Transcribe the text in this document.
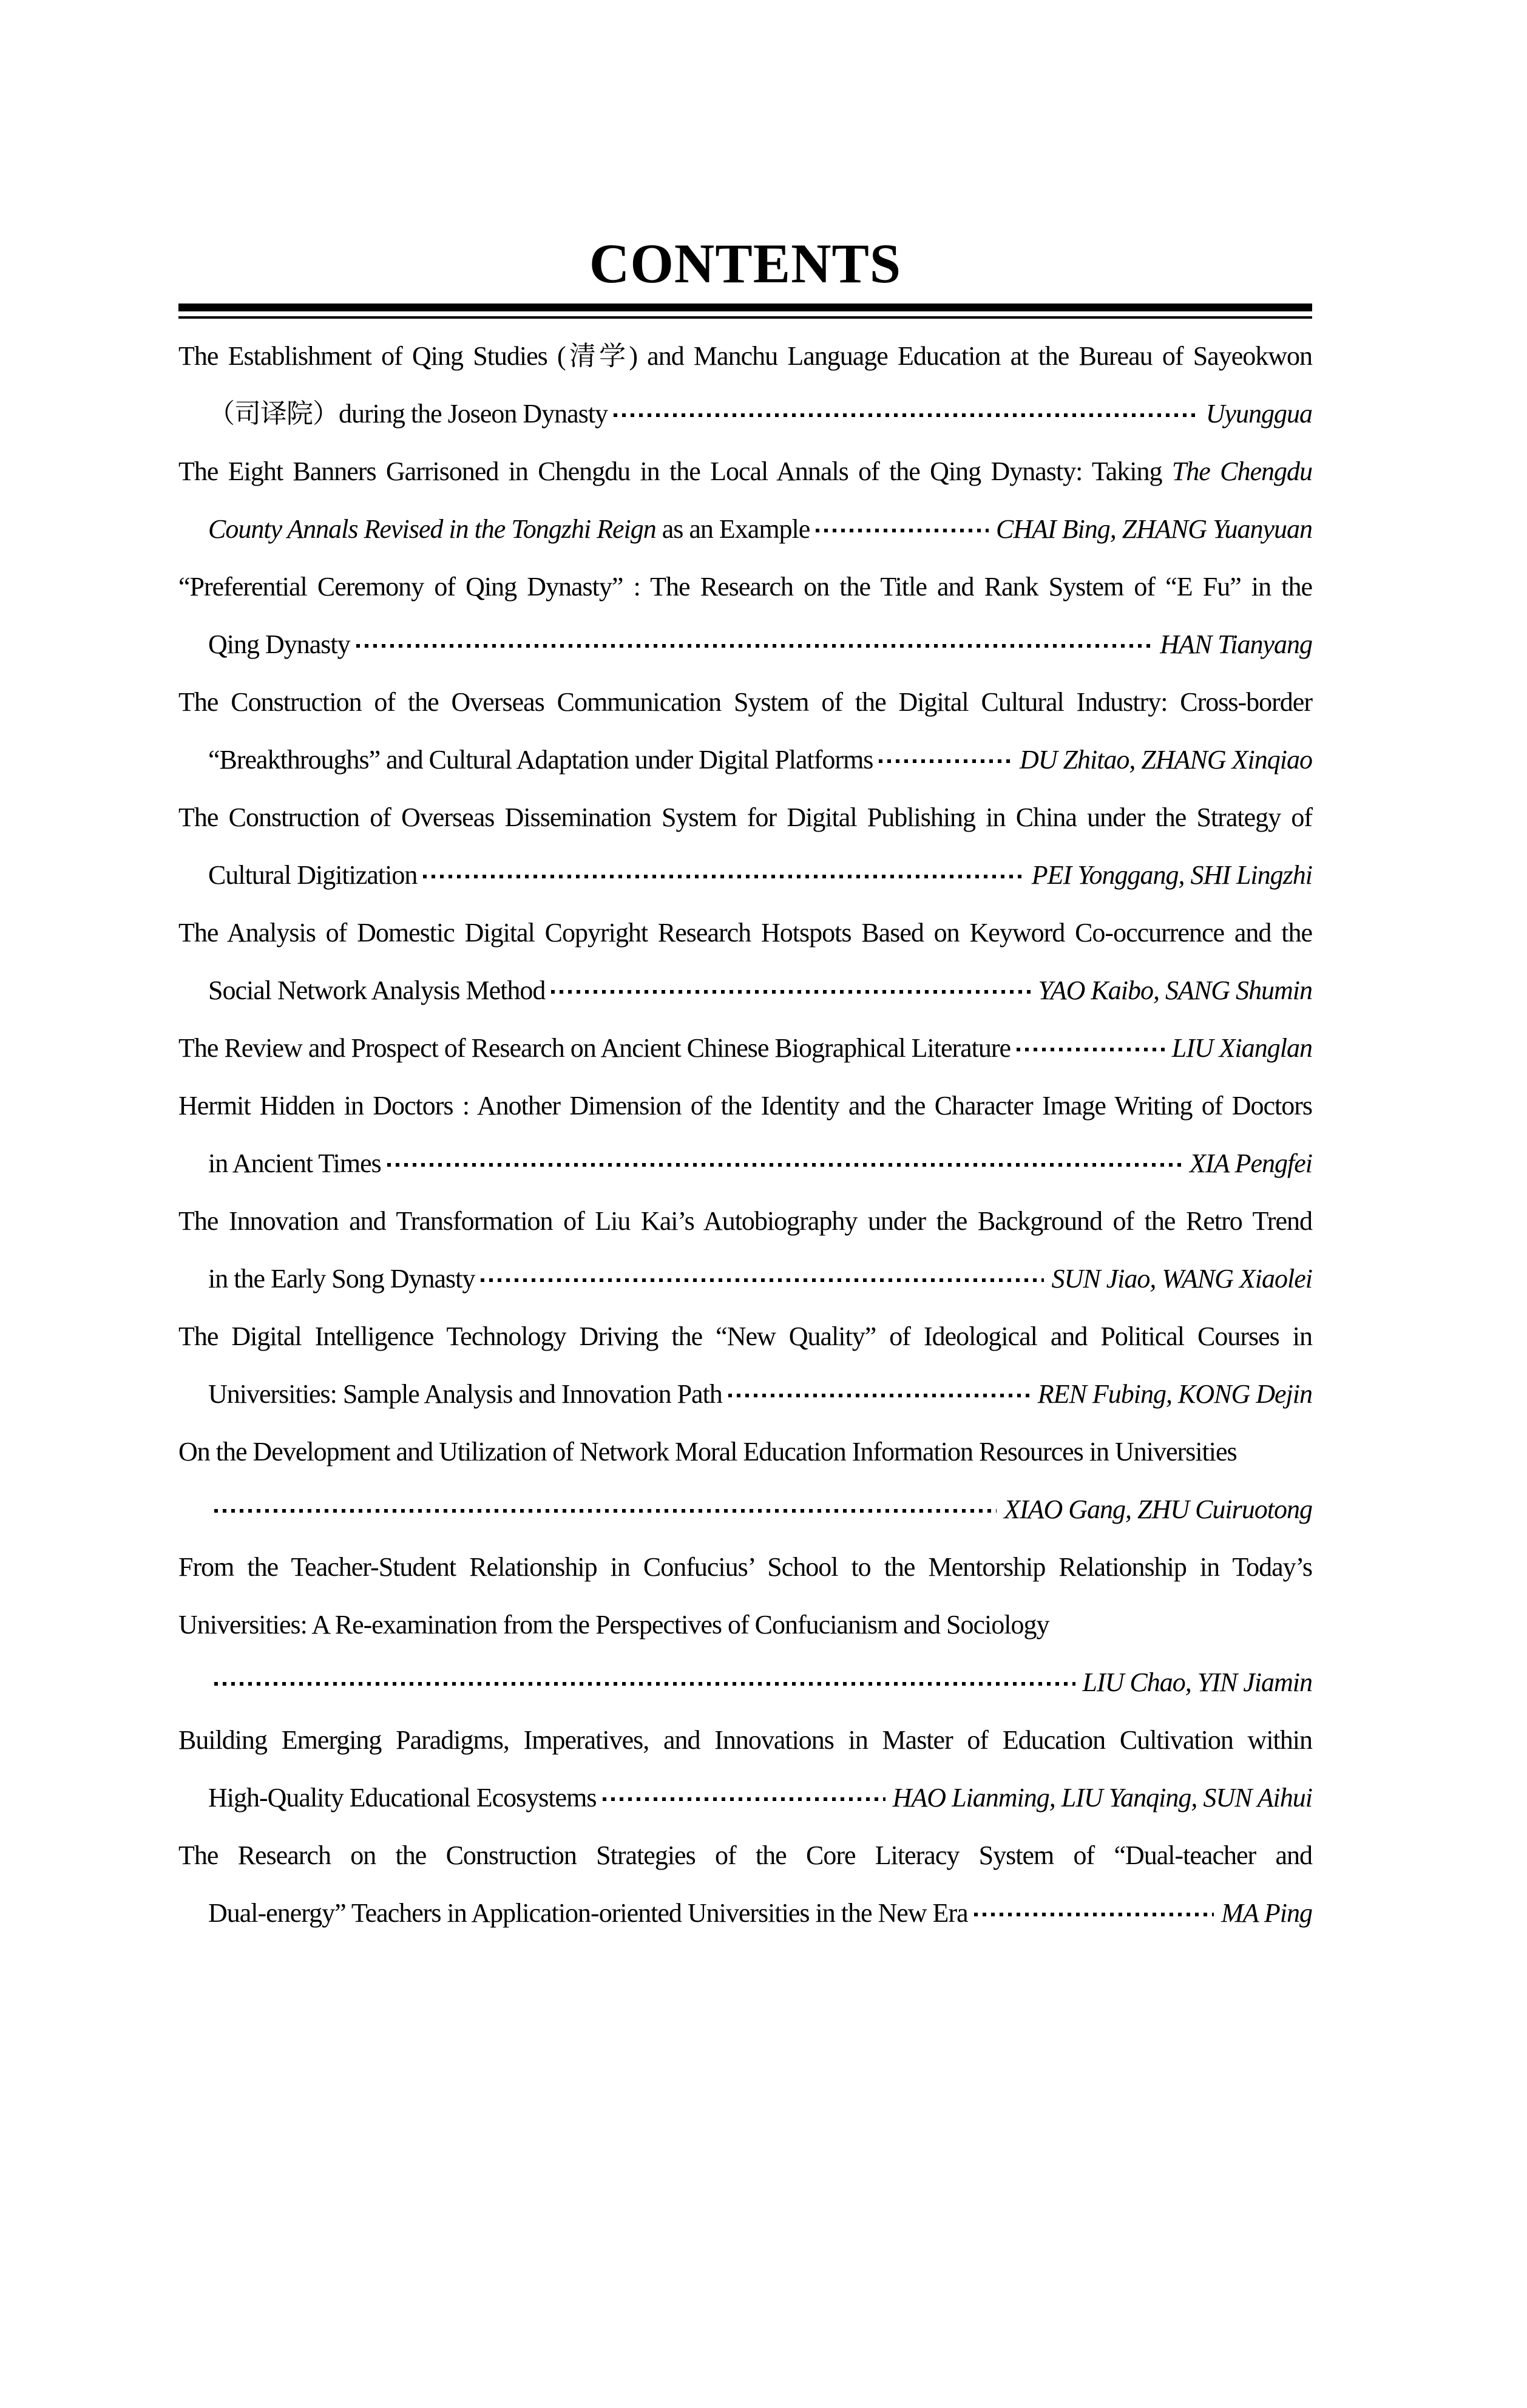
CONTENTS
The Establishment of Qing Studies (清学) and Manchu Language Education at the Bureau of Sayeokwon
（司译院）during the Joseon Dynasty	Uyunggua
The Eight Banners Garrisoned in Chengdu in the Local Annals of the Qing Dynasty: Taking The Chengdu
County Annals Revised in the Tongzhi Reign as an Example	CHAI Bing, ZHANG Yuanyuan
“Preferential Ceremony of Qing Dynasty” : The Research on the Title and Rank System of “E Fu” in the
Qing Dynasty	HAN Tianyang
The Construction of the Overseas Communication System of the Digital Cultural Industry: Cross-border
“Breakthroughs” and Cultural Adaptation under Digital Platforms	DU Zhitao, ZHANG Xinqiao
The Construction of Overseas Dissemination System for Digital Publishing in China under the Strategy of
Cultural Digitization	PEI Yonggang, SHI Lingzhi
The Analysis of Domestic Digital Copyright Research Hotspots Based on Keyword Co-occurrence and the
Social Network Analysis Method	YAO Kaibo, SANG Shumin
The Review and Prospect of Research on Ancient Chinese Biographical Literature	LIU Xianglan
Hermit Hidden in Doctors : Another Dimension of the Identity and the Character Image Writing of Doctors
in Ancient Times	XIA Pengfei
The Innovation and Transformation of Liu Kai’s Autobiography under the Background of the Retro Trend
in the Early Song Dynasty	SUN Jiao, WANG Xiaolei
The Digital Intelligence Technology Driving the “New Quality” of Ideological and Political Courses in
Universities: Sample Analysis and Innovation Path	REN Fubing, KONG Dejin
On the Development and Utilization of Network Moral Education Information Resources in Universities
XIAO Gang, ZHU Cuiruotong
From the Teacher-Student Relationship in Confucius’ School to the Mentorship Relationship in Today’s
Universities: A Re-examination from the Perspectives of Confucianism and Sociology
LIU Chao, YIN Jiamin
Building Emerging Paradigms, Imperatives, and Innovations in Master of Education Cultivation within
High-Quality Educational Ecosystems	HAO Lianming, LIU Yanqing, SUN Aihui
The Research on the Construction Strategies of the Core Literacy System of “Dual-teacher and
Dual-energy” Teachers in Application-oriented Universities in the New Era	MA Ping
